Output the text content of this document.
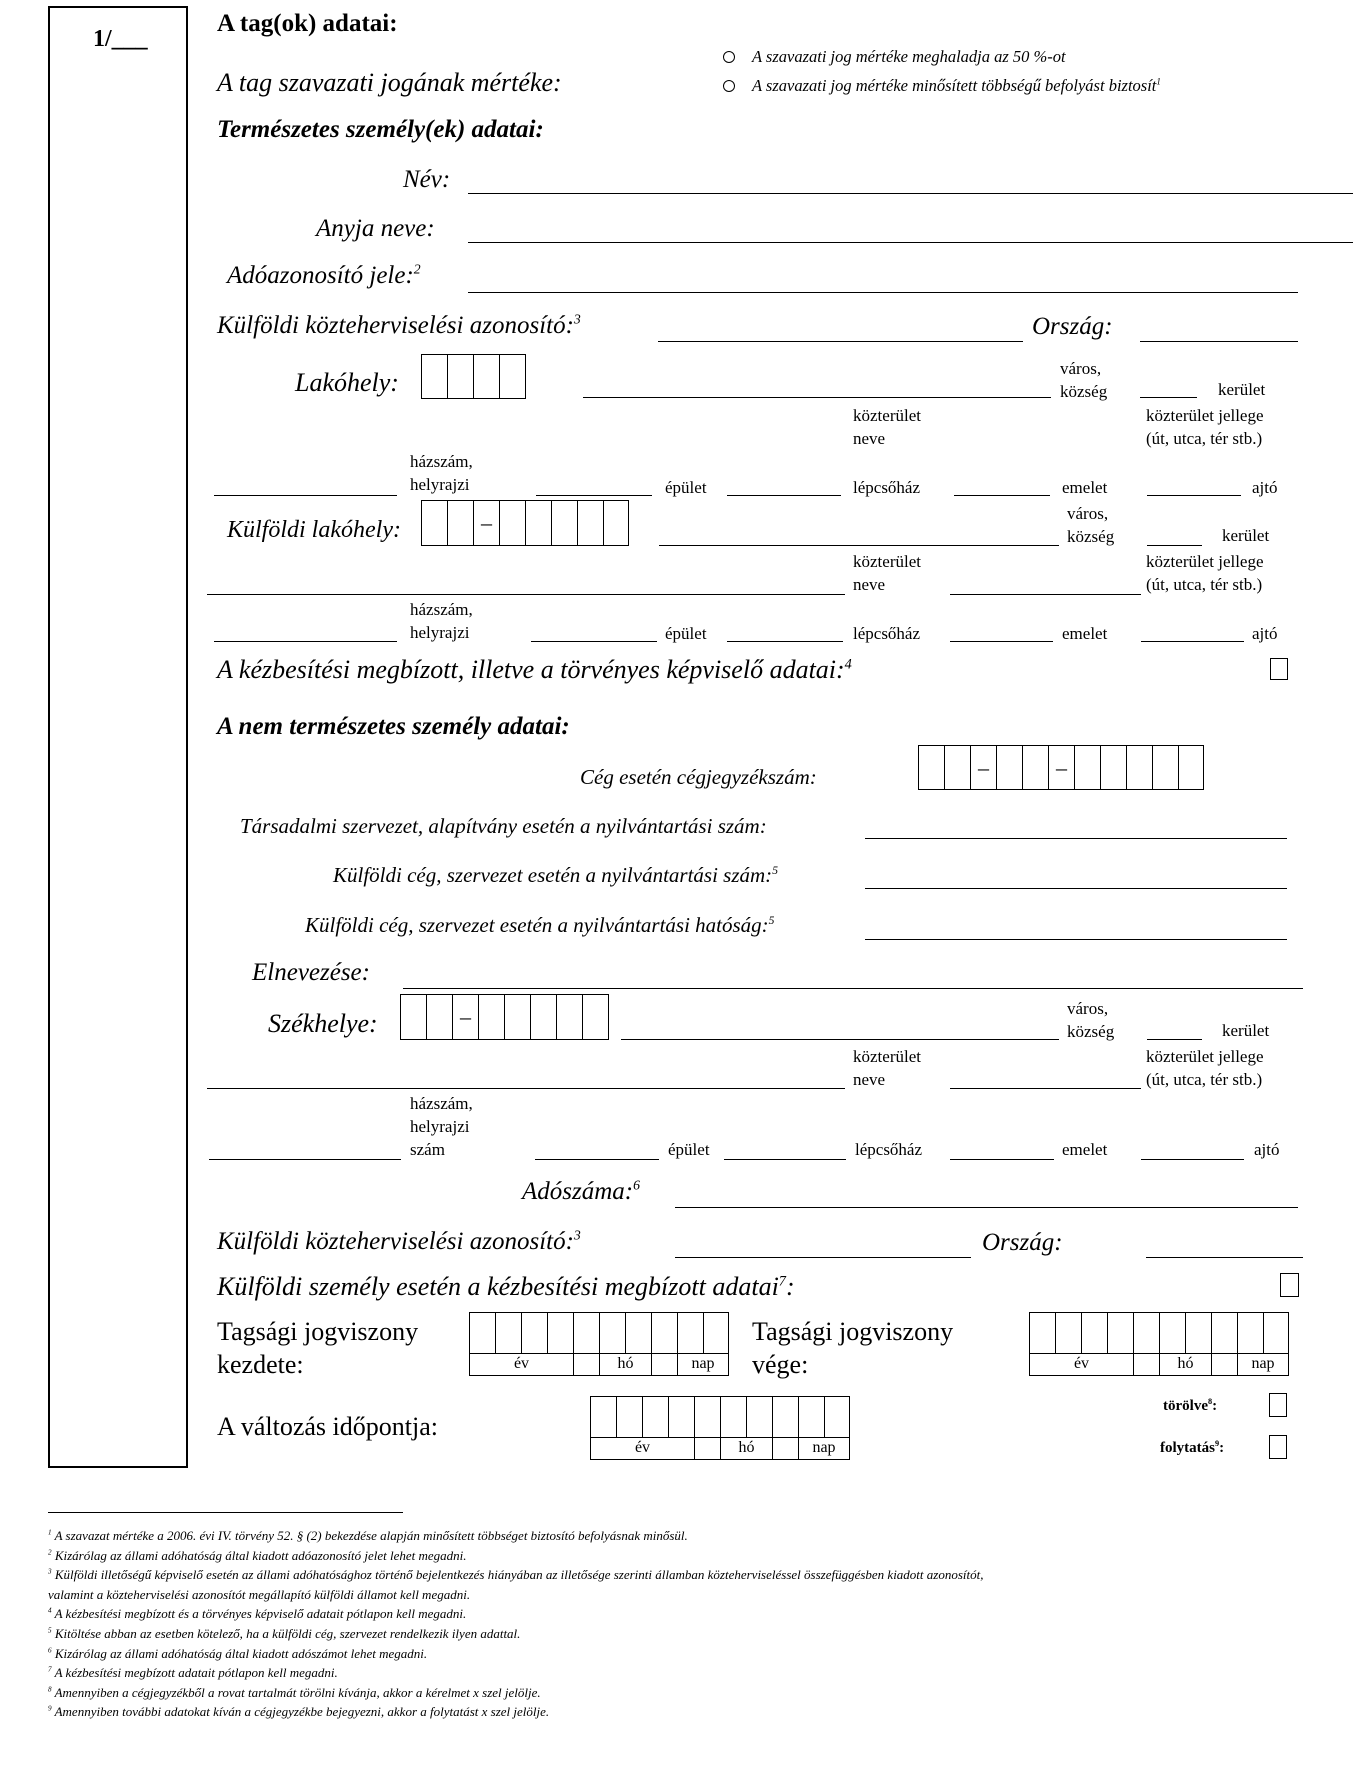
1/___
A tag(ok) adatai:
A tag szavazati jogának mértéke:
A szavazati jog mértéke meghaladja az 50 %-ot
A szavazati jog mértéke minősített többségű befolyást biztosít$^1$
Természetes személy(ek) adatai:
Név:
Anyja neve:
Adóazonosító jele:$^2$
Külföldi közteherviselési azonosító:$^3$	Ország:
Lakóhely:	város,
község	kerület
közterület
neve
közterület jellege
(út, utca, tér stb.)
házszám,
helyrajzi	épület	lépcsőház	emelet	ajtó
Külföldi lakóhely:	–	város,
község	kerület
közterület
neve
közterület jellege
(út, utca, tér stb.)
házszám,
helyrajzi	épület	lépcsőház	emelet	ajtó
A kézbesítési megbízott, illetve a törvényes képviselő adatai:$^4$
A nem természetes személy adatai:
Cég esetén cégjegyzékszám:	–	–
Társadalmi szervezet, alapítvány esetén a nyilvántartási szám:
Külföldi cég, szervezet esetén a nyilvántartási szám:$^5$
Külföldi cég, szervezet esetén a nyilvántartási hatóság:$^5$
Elnevezése:
Székhelye:	–	város,
község	kerület
közterület
neve
közterület jellege
(út, utca, tér stb.)
házszám,
helyrajzi
szám	épület	lépcsőház	emelet	ajtó
Adószáma:$^6$
Külföldi közteherviselési azonosító:$^3$	Ország:
Külföldi személy esetén a kézbesítési megbízott adatai$^7$:
Tagsági jogviszony
kezdete:	év	hó	nap
Tagsági jogviszony
vége:	év	hó	nap
A változás időpontja:
év	hó	nap
törölve$^8$:
folytatás$^9$:
$^1$ A szavazat mértéke a 2006. évi IV. törvény 52. § (2) bekezdése alapján minősített többséget biztosító befolyásnak minősül.
$^2$ Kizárólag az állami adóhatóság által kiadott adóazonosító jelet lehet megadni.
$^3$ Külföldi illetőségű képviselő esetén az állami adóhatósághoz történő bejelentkezés hiányában az illetősége szerinti államban közteherviseléssel összefüggésben kiadott azonosítót,
valamint a közteherviselési azonosítót megállapító külföldi államot kell megadni.
$^4$ A kézbesítési megbízott és a törvényes képviselő adatait pótlapon kell megadni.
$^5$ Kitöltése abban az esetben kötelező, ha a külföldi cég, szervezet rendelkezik ilyen adattal.
$^6$ Kizárólag az állami adóhatóság által kiadott adószámot lehet megadni.
$^7$ A kézbesítési megbízott adatait pótlapon kell megadni.
$^8$ Amennyiben a cégjegyzékből a rovat tartalmát törölni kívánja, akkor a kérelmet x szel jelölje.
$^9$ Amennyiben további adatokat kíván a cégjegyzékbe bejegyezni, akkor a folytatást x szel jelölje.
